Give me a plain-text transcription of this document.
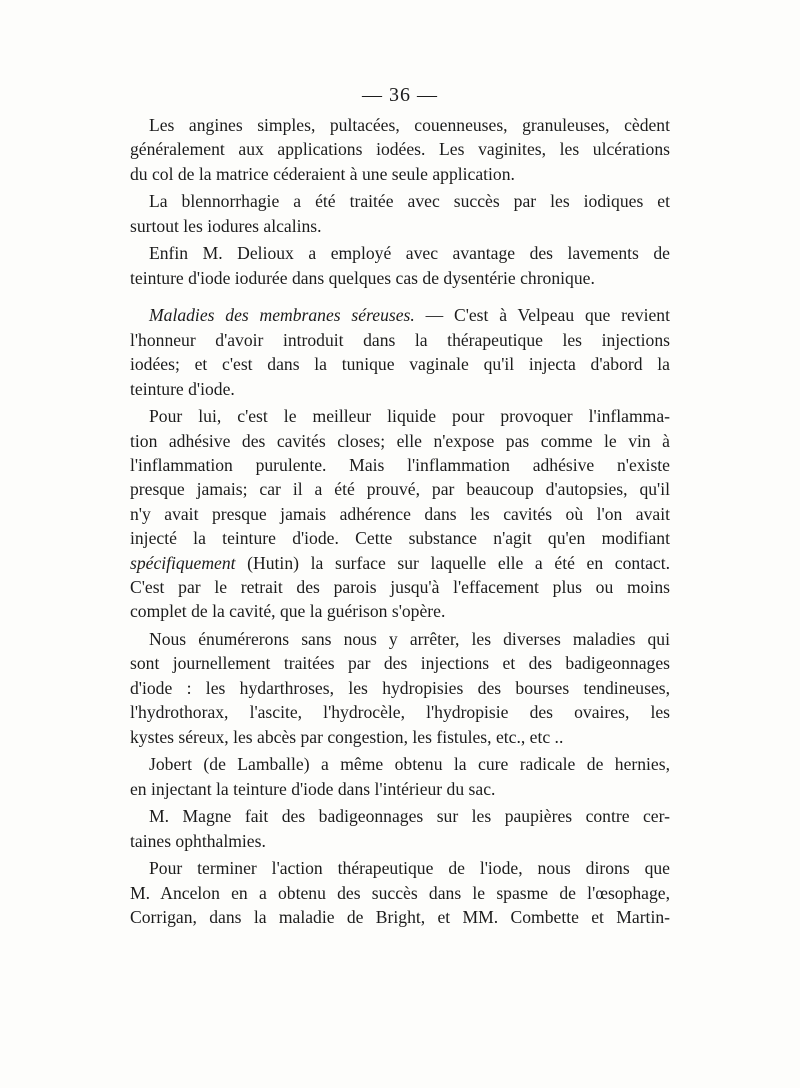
— 36 —

Les angines simples, pultacées, couenneuses, granuleuses, cèdent
généralement aux applications iodées. Les vaginites, les ulcérations
du col de la matrice céderaient à une seule application.

La blennorrhagie a été traitée avec succès par les iodiques et
surtout les iodures alcalins.

Enfin M. Delioux a employé avec avantage des lavements de
teinture d'iode iodurée dans quelques cas de dysentérie chronique.

Maladies des membranes séreuses. — C'est à Velpeau que revient
l'honneur d'avoir introduit dans la thérapeutique les injections
iodées; et c'est dans la tunique vaginale qu'il injecta d'abord la
teinture d'iode.

Pour lui, c'est le meilleur liquide pour provoquer l'inflamma-
tion adhésive des cavités closes; elle n'expose pas comme le vin à
l'inflammation purulente. Mais l'inflammation adhésive n'existe
presque jamais; car il a été prouvé, par beaucoup d'autopsies, qu'il
n'y avait presque jamais adhérence dans les cavités où l'on avait
injecté la teinture d'iode. Cette substance n'agit qu'en modifiant
spécifiquement (Hutin) la surface sur laquelle elle a été en contact.
C'est par le retrait des parois jusqu'à l'effacement plus ou moins
complet de la cavité, que la guérison s'opère.

Nous énumérerons sans nous y arrêter, les diverses maladies qui
sont journellement traitées par des injections et des badigeonnages
d'iode : les hydarthroses, les hydropisies des bourses tendineuses,
l'hydrothorax, l'ascite, l'hydrocèle, l'hydropisie des ovaires, les
kystes séreux, les abcès par congestion, les fistules, etc., etc ..

Jobert (de Lamballe) a même obtenu la cure radicale de hernies,
en injectant la teinture d'iode dans l'intérieur du sac.

M. Magne fait des badigeonnages sur les paupières contre cer-
taines ophthalmies.

Pour terminer l'action thérapeutique de l'iode, nous dirons que
M. Ancelon en a obtenu des succès dans le spasme de l'œsophage,
Corrigan, dans la maladie de Bright, et MM. Combette et Martin-
